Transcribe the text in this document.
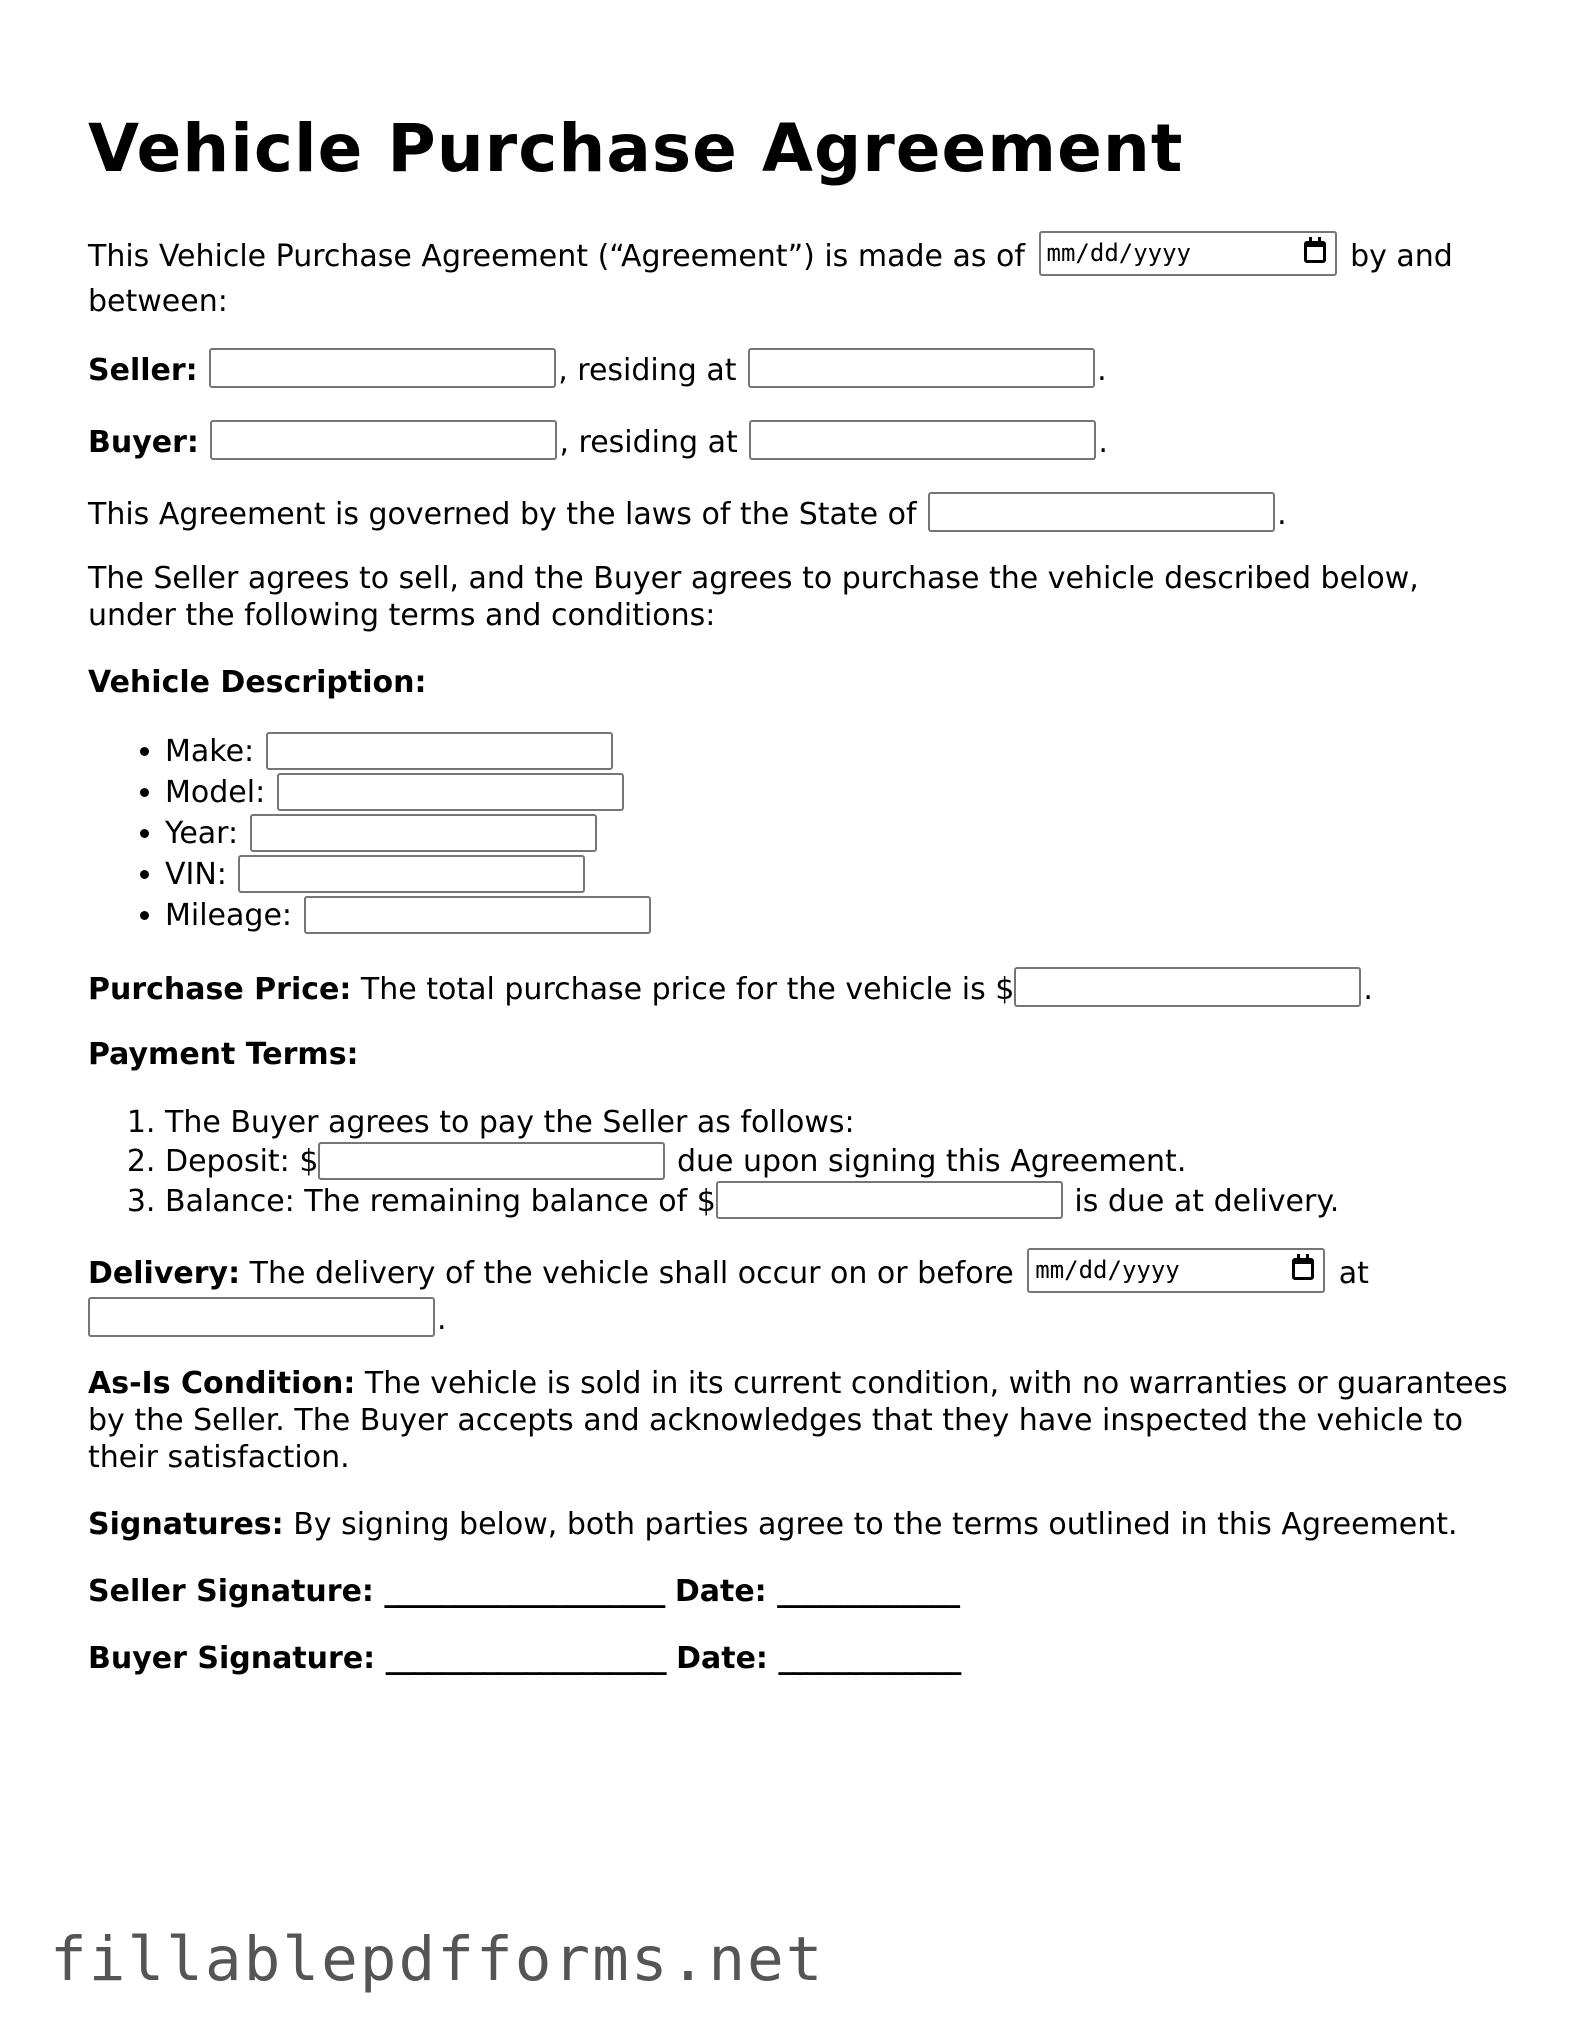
Vehicle Purchase Agreement

This Vehicle Purchase Agreement (“Agreement”) is made as of mm/dd/yyyy	by and between:

Seller:	, residing at	.

Buyer:	, residing at	.

This Agreement is governed by the laws of the State of	.

The Seller agrees to sell, and the Buyer agrees to purchase the vehicle described below, under the following terms and conditions:

Vehicle Description:

• Make:
• Model:
• Year:
• VIN:
• Mileage:

Purchase Price: The total purchase price for the vehicle is $	.

Payment Terms:

1. The Buyer agrees to pay the Seller as follows:
2. Deposit: $	due upon signing this Agreement.
3. Balance: The remaining balance of $	is due at delivery.

Delivery: The delivery of the vehicle shall occur on or before mm/dd/yyyy	at
.

As-Is Condition: The vehicle is sold in its current condition, with no warranties or guarantees by the Seller. The Buyer accepts and acknowledges that they have inspected the vehicle to their satisfaction.

Signatures: By signing below, both parties agree to the terms outlined in this Agreement.

Seller Signature: ____________________ Date: _____________

Buyer Signature: ____________________ Date: _____________

fillablepdfforms.net
